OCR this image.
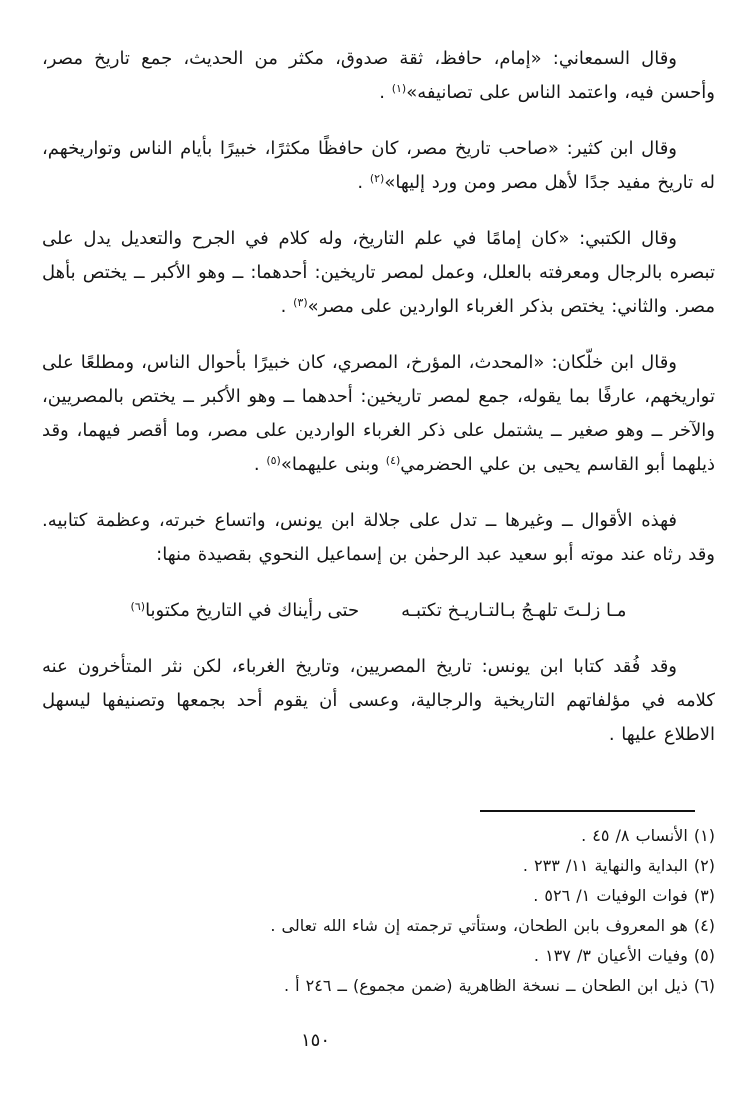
وقال السمعاني: «إمام، حافظ، ثقة صدوق، مكثر من الحديث، جمع تاريخ مصر، وأحسن فيه، واعتمد الناس على تصانيفه»$^{(١)}$ .

وقال ابن كثير: «صاحب تاريخ مصر، كان حافظًا مكثرًا، خبيرًا بأيام الناس وتواريخهم، له تاريخ مفيد جدًا لأهل مصر ومن ورد إليها»$^{(٢)}$ .

وقال الكتبي: «كان إمامًا في علم التاريخ، وله كلام في الجرح والتعديل يدل على تبصره بالرجال ومعرفته بالعلل، وعمل لمصر تاريخين: أحدهما: ــ وهو الأكبر ــ يختص بأهل مصر. والثاني: يختص بذكر الغرباء الواردين على مصر»$^{(٣)}$ .

وقال ابن خلّكان: «المحدث، المؤرخ، المصري، كان خبيرًا بأحوال الناس، ومطلعًا على تواريخهم، عارفًا بما يقوله، جمع لمصر تاريخين: أحدهما ــ وهو الأكبر ــ يختص بالمصريين، والآخر ــ وهو صغير ــ يشتمل على ذكر الغرباء الواردين على مصر، وما أقصر فيهما، وقد ذيلهما أبو القاسم يحيى بن علي الحضرمي$^{(٤)}$ وبنى عليهما»$^{(٥)}$ .

فهذه الأقوال ــ وغيرها ــ تدل على جلالة ابن يونس، واتساع خبرته، وعظمة كتابيه. وقد رثاه عند موته أبو سعيد عبد الرحمٰن بن إسماعيل النحوي بقصيدة منها:

مـا زلـتَ تلهـجُ بـالتـاريـخ تكتبـه
حتى رأيناك في التاريخ مكتوبا$^{(٦)}$

وقد فُقد كتابا ابن يونس: تاريخ المصريين، وتاريخ الغرباء، لكن نثر المتأخرون عنه كلامه في مؤلفاتهم التاريخية والرجالية، وعسى أن يقوم أحد بجمعها وتصنيفها ليسهل الاطلاع عليها .

(١) الأنساب ٨/ ٤٥ .

(٢) البداية والنهاية ١١/ ٢٣٣ .

(٣) فوات الوفيات ١/ ٥٢٦ .

(٤) هو المعروف بابن الطحان، وستأتي ترجمته إن شاء الله تعالى .

(٥) وفيات الأعيان ٣/ ١٣٧ .

(٦) ذيل ابن الطحان ــ نسخة الظاهرية (ضمن مجموع) ــ ٢٤٦ أ .

١٥٠
